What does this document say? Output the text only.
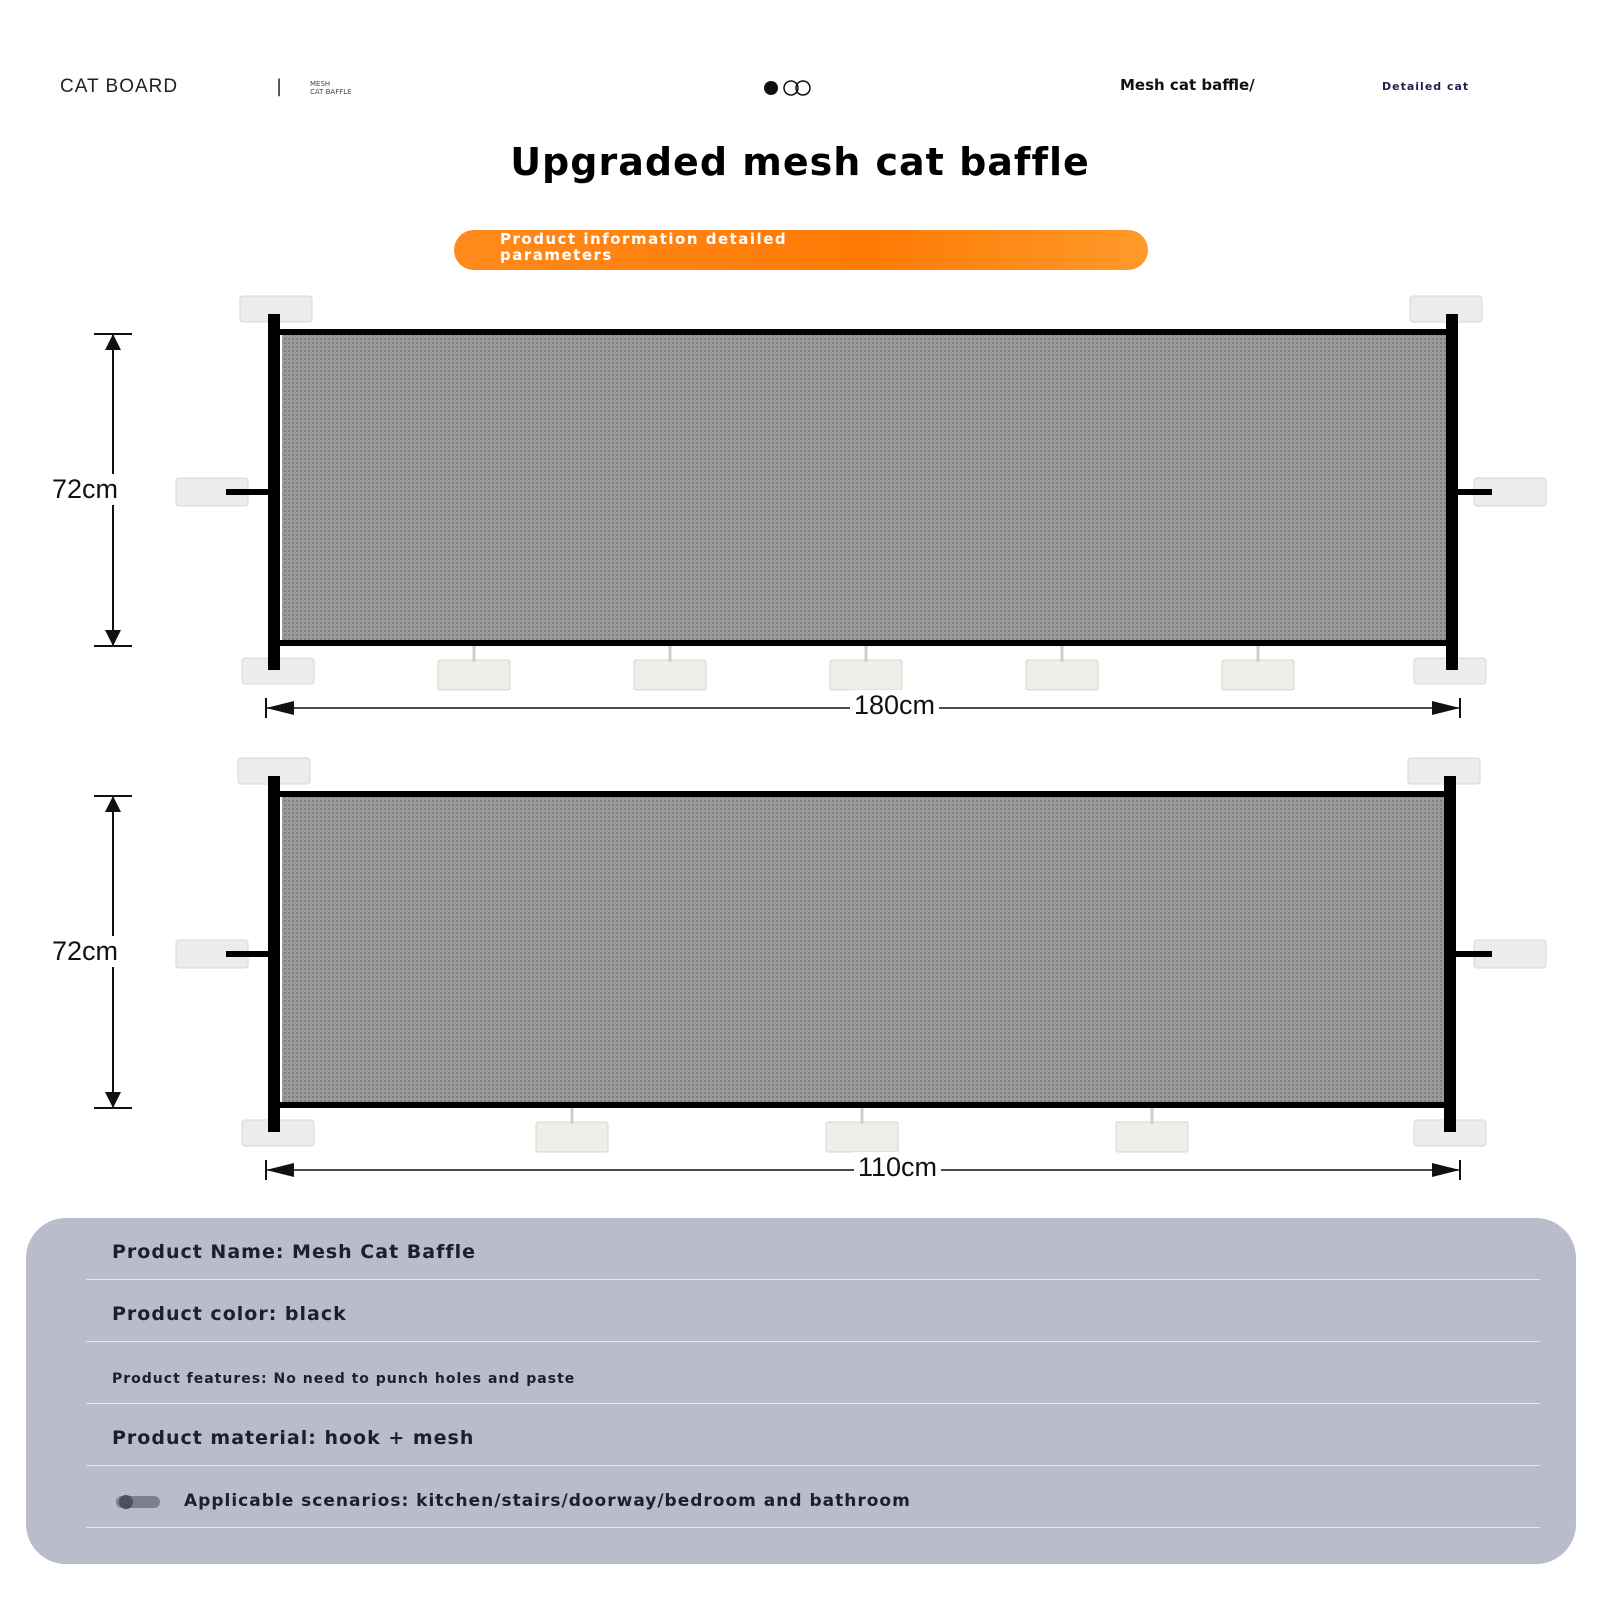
CAT BOARD	|	MESH
CAT BAFFLE	Mesh cat baffle/	Detailed cat
Upgraded mesh cat baffle
Product information detailed
parameters
72cm
180cm
72cm
110cm
Product Name: Mesh Cat Baffle
Product color: black
Product features: No need to punch holes and paste
Product material: hook + mesh
Applicable scenarios: kitchen/stairs/doorway/bedroom and bathroom
